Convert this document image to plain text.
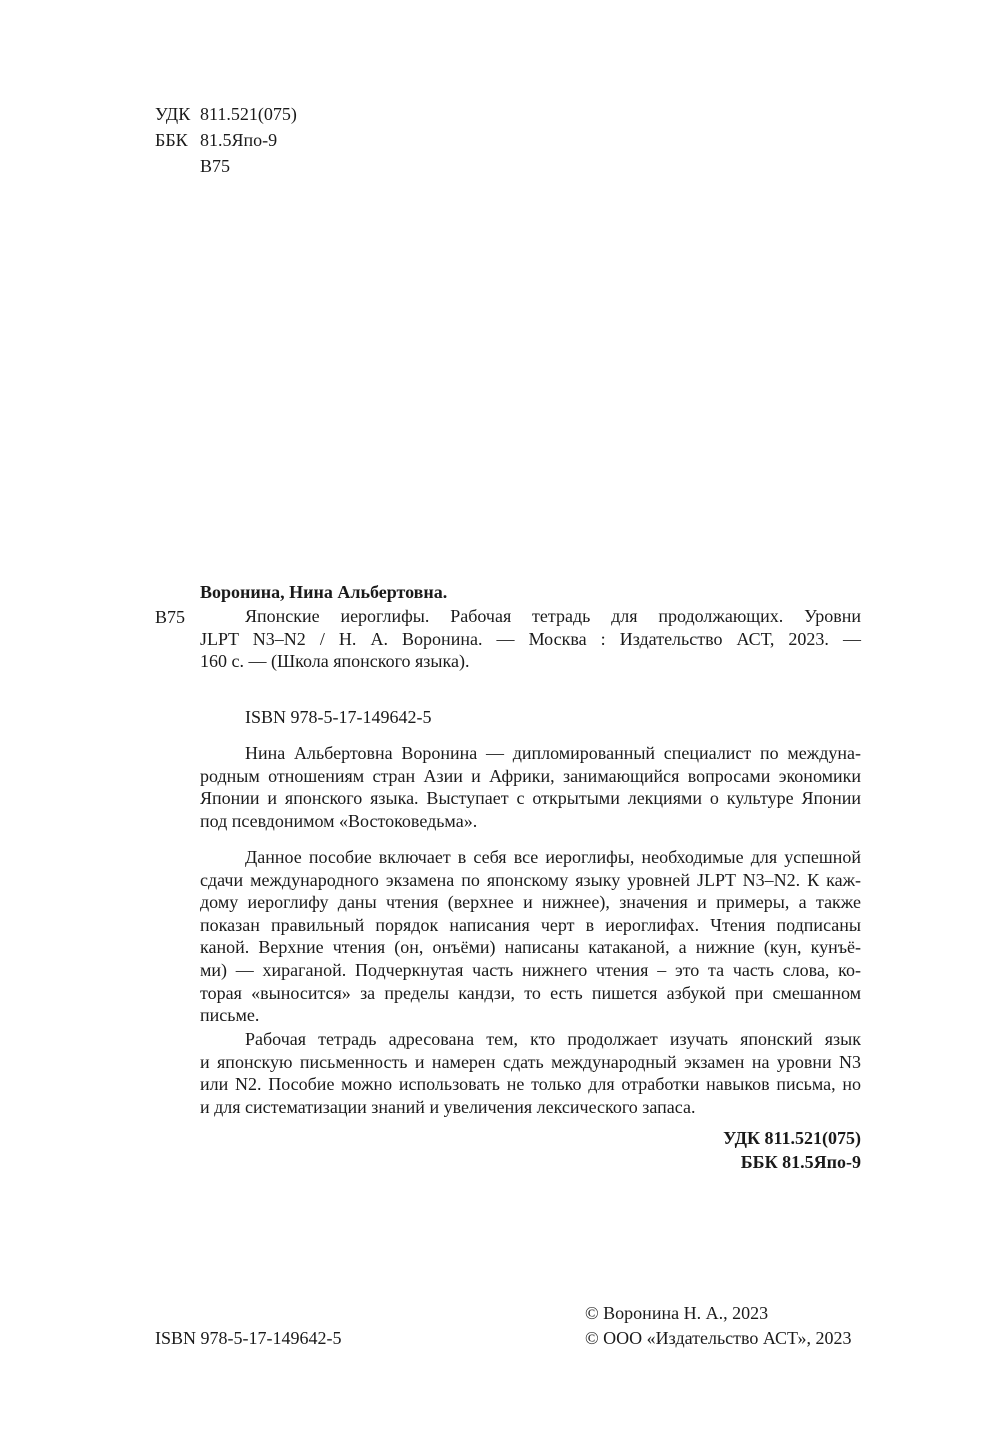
УДК 811.521(075)
ББК 81.5Япо-9
В75
Воронина, Нина Альбертовна.
В75	Японские иероглифы. Рабочая тетрадь для продолжающих. Уровни
JLPT N3–N2 / Н. А. Воронина. — Москва : Издательство АСТ, 2023. —
160 с. — (Школа японского языка).
ISBN 978-5-17-149642-5
Нина Альбертовна Воронина — дипломированный специалист по междуна-
родным отношениям стран Азии и Африки, занимающийся вопросами экономики
Японии и японского языка. Выступает с открытыми лекциями о культуре Японии
под псевдонимом «Востоковедьма».
Данное пособие включает в себя все иероглифы, необходимые для успешной
сдачи международного экзамена по японскому языку уровней JLPT N3–N2. К каж-
дому иероглифу даны чтения (верхнее и нижнее), значения и примеры, а также
показан правильный порядок написания черт в иероглифах. Чтения подписаны
каной. Верхние чтения (он, онъёми) написаны катаканой, а нижние (кун, кунъё-
ми) — хираганой. Подчеркнутая часть нижнего чтения – это та часть слова, ко-
торая «выносится» за пределы кандзи, то есть пишется азбукой при смешанном
письме.
Рабочая тетрадь адресована тем, кто продолжает изучать японский язык
и японскую письменность и намерен сдать международный экзамен на уровни N3
или N2. Пособие можно использовать не только для отработки навыков письма, но
и для систематизации знаний и увеличения лексического запаса.
УДК 811.521(075)
ББК 81.5Япо-9
ISBN 978-5-17-149642-5
© Воронина Н. А., 2023
© ООО «Издательство АСТ», 2023
